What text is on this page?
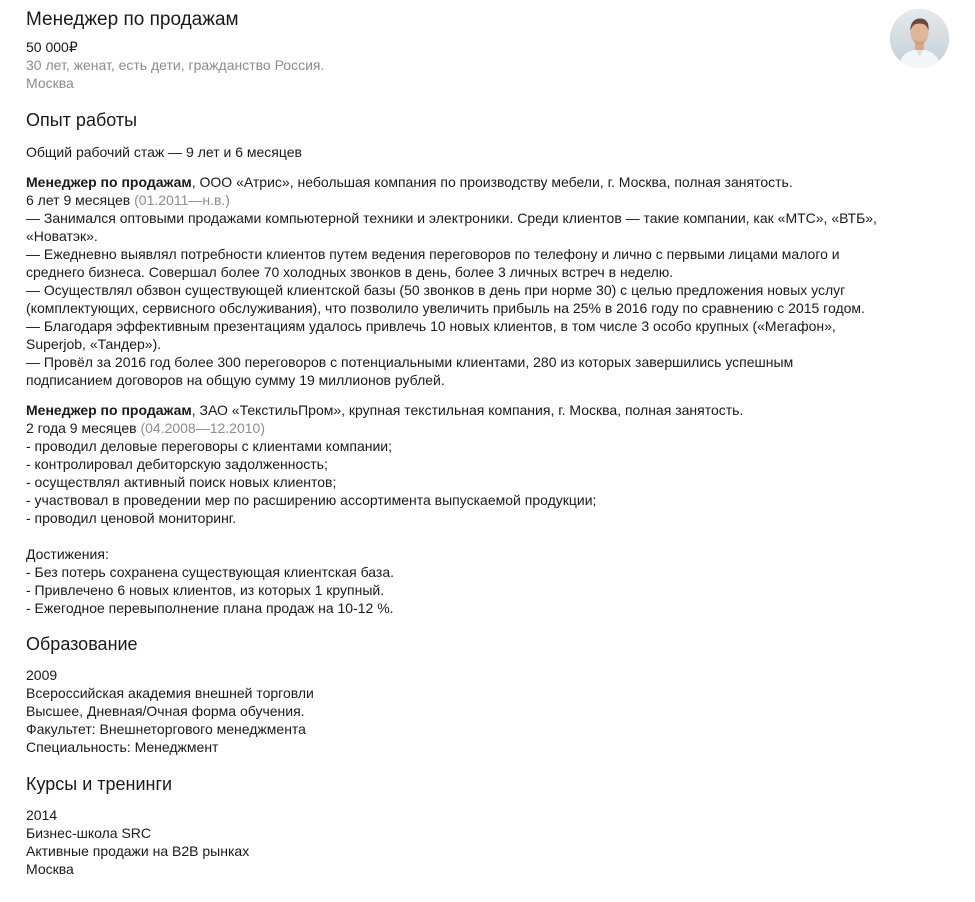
Менеджер по продажам
50 000₽
30 лет, женат, есть дети, гражданство Россия.
Москва
Опыт работы
Общий рабочий стаж — 9 лет и 6 месяцев
Менеджер по продажам, ООО «Атрис», небольшая компания по производству мебели, г. Москва, полная занятость.
6 лет 9 месяцев (01.2011—н.в.)
— Занимался оптовыми продажами компьютерной техники и электроники. Среди клиентов — такие компании, как «МТС», «ВТБ»,
«Новатэк».
— Ежедневно выявлял потребности клиентов путем ведения переговоров по телефону и лично с первыми лицами малого и
среднего бизнеса. Совершал более 70 холодных звонков в день, более 3 личных встреч в неделю.
— Осуществлял обзвон существующей клиентской базы (50 звонков в день при норме 30) с целью предложения новых услуг
(комплектующих, сервисного обслуживания), что позволило увеличить прибыль на 25% в 2016 году по сравнению с 2015 годом.
— Благодаря эффективным презентациям удалось привлечь 10 новых клиентов, в том числе 3 особо крупных («Мегафон»,
Superjob, «Тандер»).
— Провёл за 2016 год более 300 переговоров с потенциальными клиентами, 280 из которых завершились успешным
подписанием договоров на общую сумму 19 миллионов рублей.
Менеджер по продажам, ЗАО «ТекстильПром», крупная текстильная компания, г. Москва, полная занятость.
2 года 9 месяцев (04.2008—12.2010)
- проводил деловые переговоры с клиентами компании;
- контролировал дебиторскую задолженность;
- осуществлял активный поиск новых клиентов;
- участвовал в проведении мер по расширению ассортимента выпускаемой продукции;
- проводил ценовой мониторинг.
Достижения:
- Без потерь сохранена существующая клиентская база.
- Привлечено 6 новых клиентов, из которых 1 крупный.
- Ежегодное перевыполнение плана продаж на 10-12 %.
Образование
2009
Всероссийская академия внешней торговли
Высшее, Дневная/Очная форма обучения.
Факультет: Внешнеторгового менеджмента
Специальность: Менеджмент
Курсы и тренинги
2014
Бизнес-школа SRC
Активные продажи на B2B рынках
Москва
